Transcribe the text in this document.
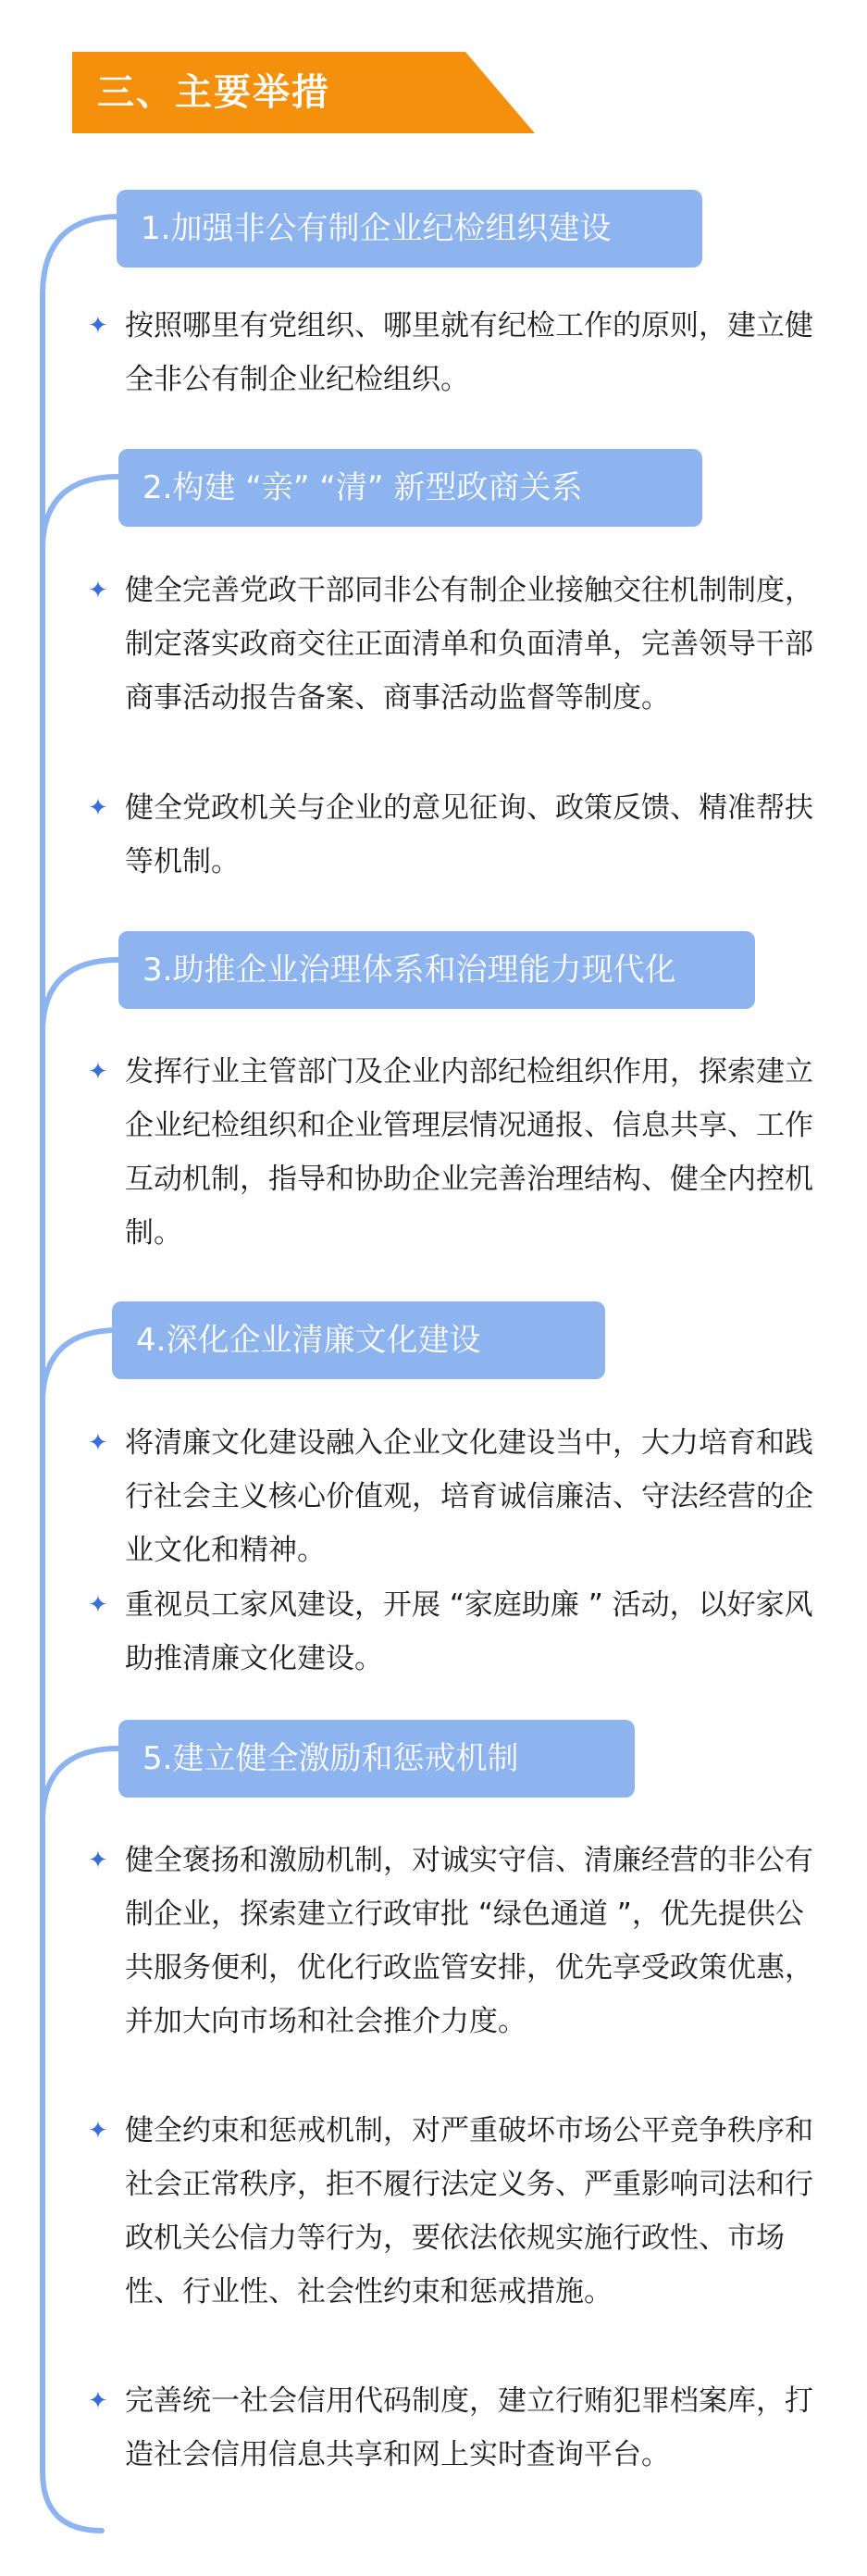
三、主要举措
1.加强非公有制企业纪检组织建设
✦ 按照哪里有党组织、哪里就有纪检工作的原则，建立健全非公有制企业纪检组织。
2.构建 “亲” “清” 新型政商关系
✦ 健全完善党政干部同非公有制企业接触交往机制制度，制定落实政商交往正面清单和负面清单，完善领导干部商事活动报告备案、商事活动监督等制度。
✦ 健全党政机关与企业的意见征询、政策反馈、精准帮扶等机制。
3.助推企业治理体系和治理能力现代化
✦ 发挥行业主管部门及企业内部纪检组织作用，探索建立企业纪检组织和企业管理层情况通报、信息共享、工作互动机制，指导和协助企业完善治理结构、健全内控机制。
4.深化企业清廉文化建设
✦ 将清廉文化建设融入企业文化建设当中，大力培育和践行社会主义核心价值观，培育诚信廉洁、守法经营的企业文化和精神。
✦ 重视员工家风建设，开展 “家庭助廉 ” 活动，以好家风助推清廉文化建设。
5.建立健全激励和惩戒机制
✦ 健全褒扬和激励机制，对诚实守信、清廉经营的非公有制企业，探索建立行政审批 “绿色通道 ”，优先提供公共服务便利，优化行政监管安排，优先享受政策优惠，并加大向市场和社会推介力度。
✦ 健全约束和惩戒机制，对严重破坏市场公平竞争秩序和社会正常秩序，拒不履行法定义务、严重影响司法和行政机关公信力等行为，要依法依规实施行政性、市场性、行业性、社会性约束和惩戒措施。
✦ 完善统一社会信用代码制度，建立行贿犯罪档案库，打造社会信用信息共享和网上实时查询平台。
